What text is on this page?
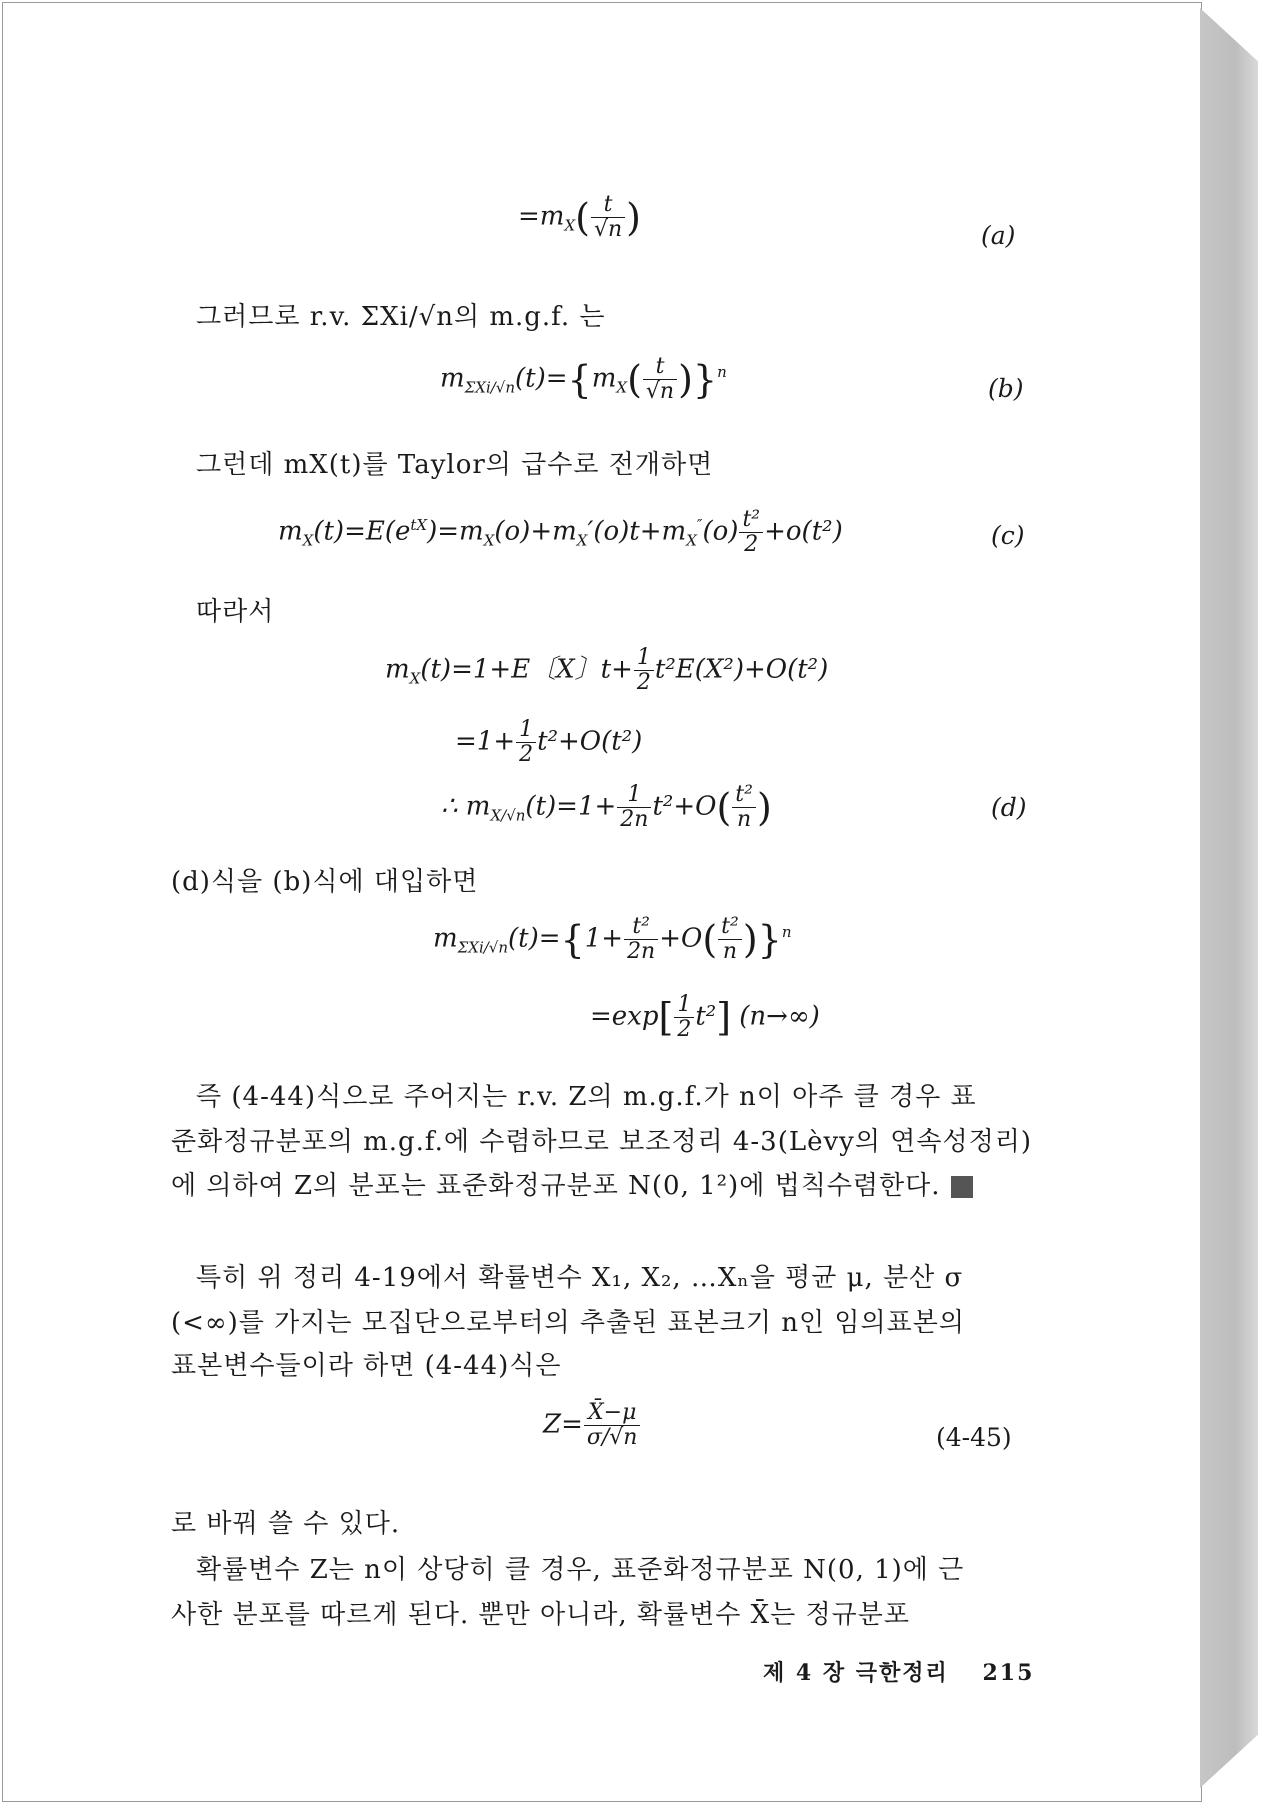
$=m_X( \frac{t}{√n}$ )	(a)
그러므로 r.v. ΣXi/√n의 m.g.f. 는
$m_{\Sigma Xi/√n}(t)=\{m_X( \frac{t}{√n} )\}^n$
(b)
그런데 mX(t)를 Taylor의 급수로 전개하면
$m_X(t)=E(e^{tX})=m_X(o)+m_X'(o)t+m_X''(o) \frac{\text{t²}}{2} +o(t^2)$	(c)
따라서
$m_X(t)=1+E$〔X〕$t+ \frac{1}{2} t^2E(X^2)+O(t^2)$
$=1+ \frac{1}{2} t^2+O(t^2)$
∴ $m_{X/√n}(t)=1+ \frac{1}{2n} t^2+O( \frac{\text{t²}}{n}$ )	(d)
(d)식을 (b)식에 대입하면
$m_{\Sigma Xi/√n}(t)=\{1+ \frac{\text{t²}}{2n} +O( \frac{\text{t²}}{n} )\}^n$
$=\exp[ \frac{1}{2} t^2]$ (n→∞)
즉 (4-44)식으로 주어지는 r.v. Z의 m.g.f.가 n이 아주 클 경우 표
준화정규분포의 m.g.f.에 수렴하므로 보조정리 4-3(Lèvy의 연속성정리)
에 의하여 Z의 분포는 표준화정규분포 N(0, 1²)에 법칙수렴한다.
특히 위 정리 4-19에서 확률변수 X₁, X₂, …Xₙ을 평균 μ, 분산 σ
(<∞)를 가지는 모집단으로부터의 추출된 표본크기 n인 임의표본의
표본변수들이라 하면 (4-44)식은
$Z= \frac{X̄-\mu}{\sigma/√n}$	(4-45)
로 바꿔 쓸 수 있다.
확률변수 Z는 n이 상당히 클 경우, 표준화정규분포 N(0, 1)에 근
사한 분포를 따르게 된다. 뿐만 아니라, 확률변수 X̄는 정규분포
제 4 장 극한정리 215
